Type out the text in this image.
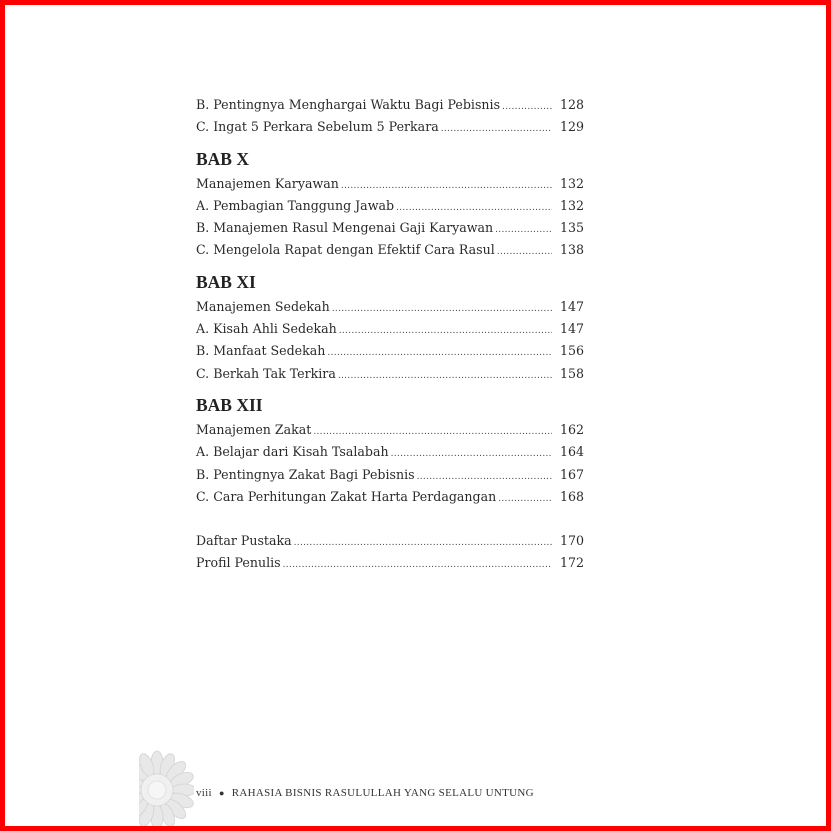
B. Pentingnya Menghargai Waktu Bagi Pebisnis .....	128
C. Ingat 5 Perkara Sebelum 5 Perkara .....	129
BAB X
Manajemen Karyawan .....	132
A. Pembagian Tanggung Jawab .....	132
B. Manajemen Rasul Mengenai Gaji Karyawan .....	135
C. Mengelola Rapat dengan Efektif Cara Rasul .....	138
BAB XI
Manajemen Sedekah .....	147
A. Kisah Ahli Sedekah .....	147
B. Manfaat Sedekah .....	156
C. Berkah Tak Terkira .....	158
BAB XII
Manajemen Zakat .....	162
A. Belajar dari Kisah Tsalabah .....	164
B. Pentingnya Zakat Bagi Pebisnis .....	167
C. Cara Perhitungan Zakat Harta Perdagangan .....	168
Daftar Pustaka .....	170
Profil Penulis .....	172
viii ● RAHASIA BISNIS RASULULLAH YANG SELALU UNTUNG
